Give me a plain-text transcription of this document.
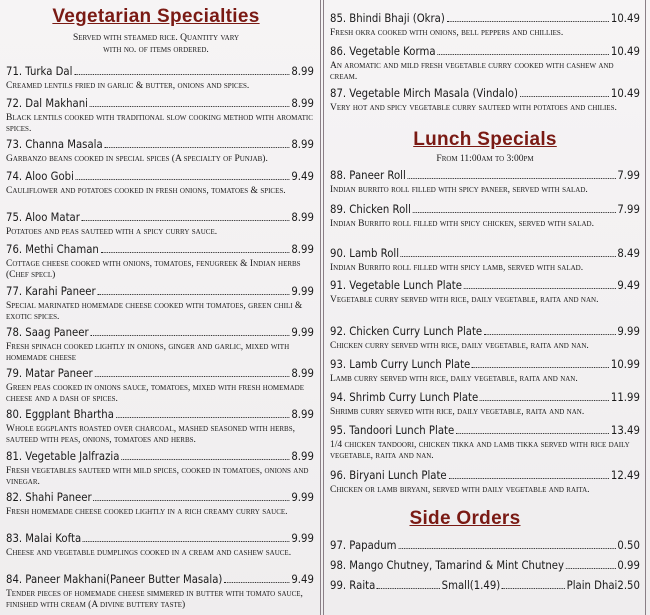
Vegetarian Specialties
Served with steamed rice. Quantity vary with no. of items ordered.
71. Turka Dal	8.99
Creamed lentils fried in garlic & butter, onions and spices.
72. Dal Makhani	8.99
Black lentils cooked with traditional slow cooking method with aromatic spices.
73. Channa Masala	8.99
Garbanzo beans cooked in special spices (A specialty of Punjab).
74. Aloo Gobi	9.49
Cauliflower and potatoes cooked in fresh onions, tomatoes & spices.
75. Aloo Matar	8.99
Potatoes and peas sauteed with a spicy curry sauce.
76. Methi Chaman	8.99
Cottage cheese cooked with onions, tomatoes, fenugreek & Indian herbs (Chef specl)
77. Karahi Paneer	9.99
Special marinated homemade cheese cooked with tomatoes, green chili & exotic spices.
78. Saag Paneer	9.99
Fresh spinach cooked lightly in onions, ginger and garlic, mixed with homemade cheese
79. Matar Paneer	8.99
Green peas cooked in onions sauce, tomatoes, mixed with fresh homemade cheese and a dash of spices.
80. Eggplant Bhartha	8.99
Whole eggplants roasted over charcoal, mashed seasoned with herbs, sauteed with peas, onions, tomatoes and herbs.
81. Vegetable Jalfrazia	8.99
Fresh vegetables sauteed with mild spices, cooked in tomatoes, onions and vinegar.
82. Shahi Paneer	9.99
Fresh homemade cheese cooked lightly in a rich creamy curry sauce.
83. Malai Kofta	9.99
Cheese and vegetable dumplings cooked in a cream and cashew sauce.
84. Paneer Makhani(Paneer Butter Masala)	9.49
Tender pieces of homemade cheese simmered in butter with tomato sauce, finished with cream (A divine buttery taste)
85. Bhindi Bhaji (Okra)	10.49
Fresh okra cooked with onions, bell peppers and chillies.
86. Vegetable Korma	10.49
An aromatic and mild fresh vegetable curry cooked with cashew and cream.
87. Vegetable Mirch Masala (Vindalo)	10.49
Very hot and spicy vegetable curry sauteed with potatoes and chilies.
Lunch Specials
From 11:00am to 3:00pm
88. Paneer Roll	7.99
Indian burrito roll filled with spicy paneer, served with salad.
89. Chicken Roll	7.99
Indian Burrito roll filled with spicy chicken, served with salad.
90. Lamb Roll	8.49
Indian Burrito roll filled with spicy lamb, served with salad.
91. Vegetable Lunch Plate	9.49
Vegetable curry served with rice, daily vegetable, raita and nan.
92. Chicken Curry Lunch Plate	9.99
Chicken curry served with rice, daily vegetable, raita and nan.
93. Lamb Curry Lunch Plate	10.99
Lamb curry served with rice, daily vegetable, raita and nan.
94. Shrimb Curry Lunch Plate	11.99
Shrimb curry served with rice, daily vegetable, raita and nan.
95. Tandoori Lunch Plate	13.49
1/4 chicken tandoori, chicken tikka and lamb tikka served with rice daily vegetable, raita and nan.
96. Biryani Lunch Plate	12.49
Chicken or lamb biryani, served with daily vegetable and raita.
Side Orders
97. Papadum	0.50
98. Mango Chutney, Tamarind & Mint Chutney	0.99
99. Raita	Small(1.49)	Plain Dhai2.50
